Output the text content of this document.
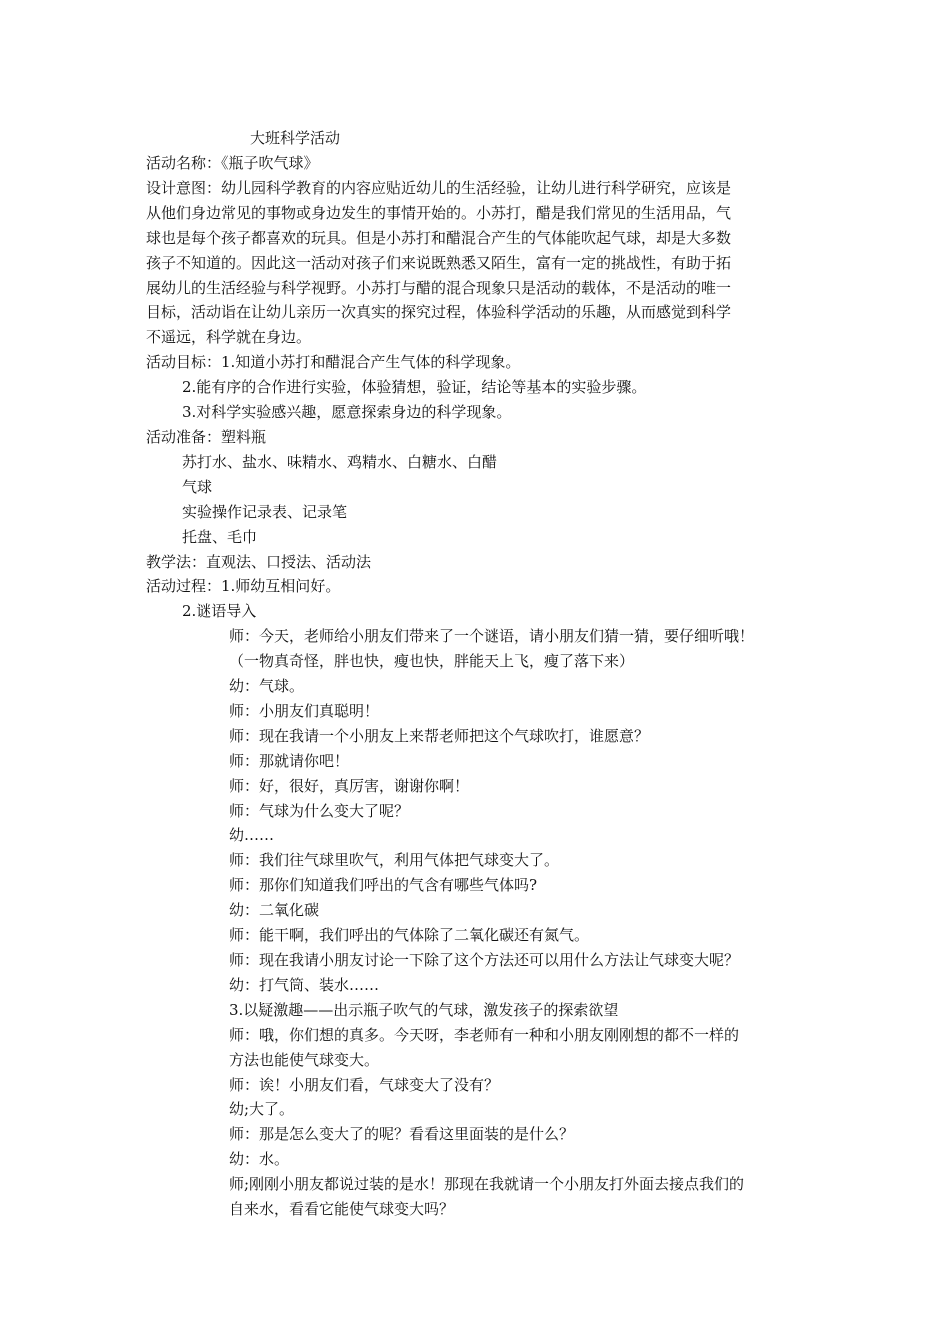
大班科学活动
活动名称：《瓶子吹气球》
设计意图：幼儿园科学教育的内容应贴近幼儿的生活经验，让幼儿进行科学研究，应该是
从他们身边常见的事物或身边发生的事情开始的。小苏打，醋是我们常见的生活用品，气
球也是每个孩子都喜欢的玩具。但是小苏打和醋混合产生的气体能吹起气球，却是大多数
孩子不知道的。因此这一活动对孩子们来说既熟悉又陌生，富有一定的挑战性，有助于拓
展幼儿的生活经验与科学视野。小苏打与醋的混合现象只是活动的载体，不是活动的唯一
目标，活动诣在让幼儿亲历一次真实的探究过程，体验科学活动的乐趣，从而感觉到科学
不遥远，科学就在身边。
活动目标：1.知道小苏打和醋混合产生气体的科学现象。
2.能有序的合作进行实验，体验猜想，验证，结论等基本的实验步骤。
3.对科学实验感兴趣，愿意探索身边的科学现象。
活动准备：塑料瓶
苏打水、盐水、味精水、鸡精水、白糖水、白醋
气球
实验操作记录表、记录笔
托盘、毛巾
教学法：直观法、口授法、活动法
活动过程：1.师幼互相问好。
2.谜语导入
师：今天，老师给小朋友们带来了一个谜语，请小朋友们猜一猜，要仔细听哦！
（一物真奇怪，胖也快，瘦也快，胖能天上飞，瘦了落下来）
幼：气球。
师：小朋友们真聪明！
师：现在我请一个小朋友上来帮老师把这个气球吹打，谁愿意？
师：那就请你吧！
师：好，很好，真厉害，谢谢你啊！
师：气球为什么变大了呢？
幼……
师：我们往气球里吹气，利用气体把气球变大了。
师：那你们知道我们呼出的气含有哪些气体吗?
幼：二氧化碳
师：能干啊，我们呼出的气体除了二氧化碳还有氮气。
师：现在我请小朋友讨论一下除了这个方法还可以用什么方法让气球变大呢？
幼：打气筒、装水……
3.以疑激趣——出示瓶子吹气的气球，激发孩子的探索欲望
师：哦，你们想的真多。今天呀，李老师有一种和小朋友刚刚想的都不一样的
方法也能使气球变大。
师：诶！小朋友们看，气球变大了没有？
幼;大了。
师：那是怎么变大了的呢？看看这里面装的是什么？
幼：水。
师;刚刚小朋友都说过装的是水！那现在我就请一个小朋友打外面去接点我们的
自来水，看看它能使气球变大吗？
